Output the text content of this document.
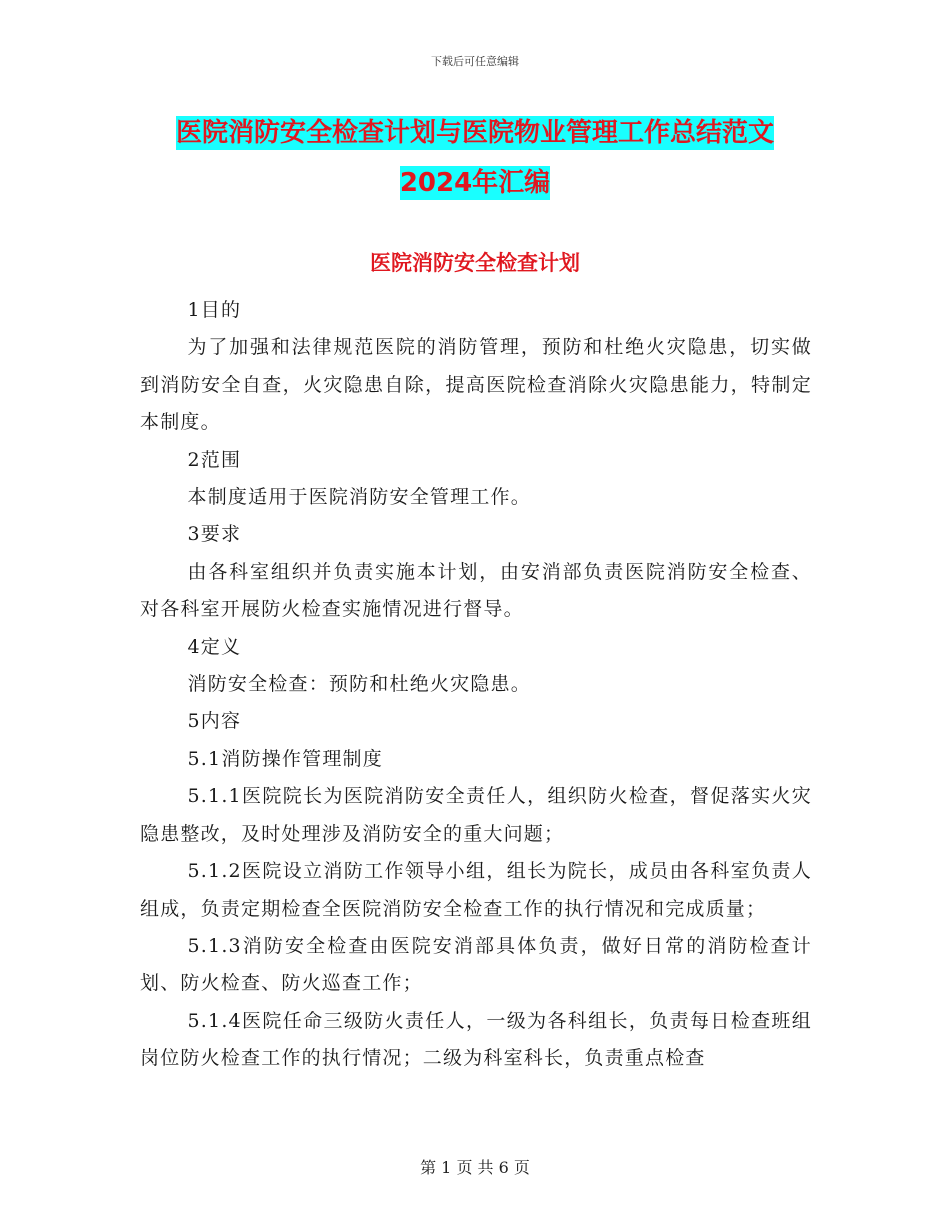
下载后可任意编辑
医院消防安全检查计划与医院物业管理工作总结范文
2024年汇编
医院消防安全检查计划

1目的

为了加强和法律规范医院的消防管理，预防和杜绝火灾隐患，切实做到消防安全自查，火灾隐患自除，提高医院检查消除火灾隐患能力，特制定本制度。

2范围

本制度适用于医院消防安全管理工作。

3要求

由各科室组织并负责实施本计划，由安消部负责医院消防安全检查、对各科室开展防火检查实施情况进行督导。

4定义

消防安全检查：预防和杜绝火灾隐患。

5内容

5.1消防操作管理制度

5.1.1医院院长为医院消防安全责任人，组织防火检查，督促落实火灾隐患整改，及时处理涉及消防安全的重大问题；

5.1.2医院设立消防工作领导小组，组长为院长，成员由各科室负责人组成，负责定期检查全医院消防安全检查工作的执行情况和完成质量；

5.1.3消防安全检查由医院安消部具体负责，做好日常的消防检查计划、防火检查、防火巡查工作；

5.1.4医院任命三级防火责任人，一级为各科组长，负责每日检查班组岗位防火检查工作的执行情况；二级为科室科长，负责重点检查

第 1 页 共 6 页
